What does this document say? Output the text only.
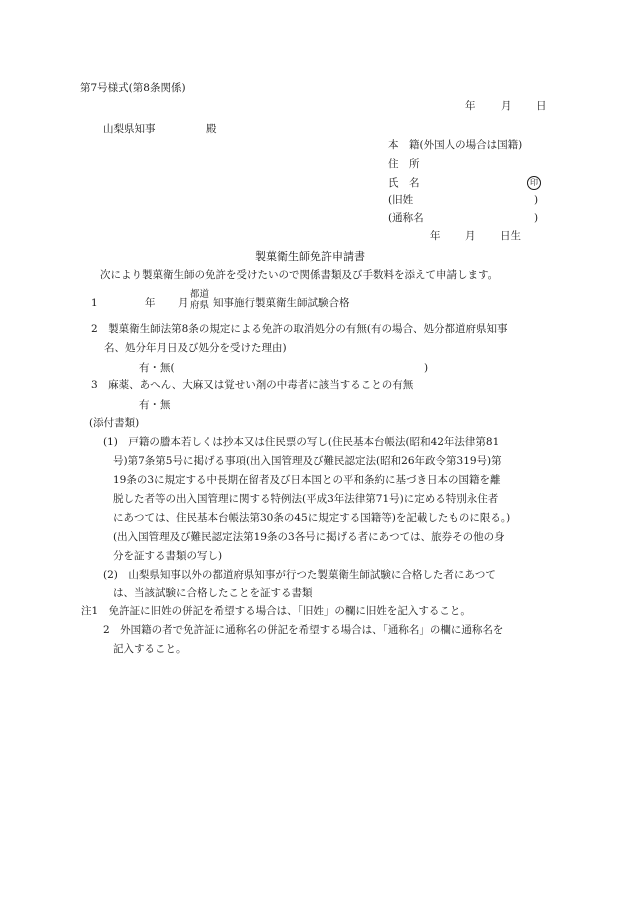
第7号様式(第8条関係)
年 月 日
山梨県知事	殿
本　籍(外国人の場合は国籍)
住　所
氏　名	印
(旧姓	)
(通称名	)
年 月 日生
製菓衛生師免許申請書
次により製菓衛生師の免許を受けたいので関係書類及び手数料を添えて申請します。
1	年 月
都道
府県 知事施行製菓衛生師試験合格
2　製菓衛生師法第8条の規定による免許の取消処分の有無(有の場合、処分都道府県知事
名、処分年月日及び処分を受けた理由)
有・無(	)
3　麻薬、あへん、大麻又は覚せい剤の中毒者に該当することの有無
有・無
(添付書類)
(1)　戸籍の謄本若しくは抄本又は住民票の写し(住民基本台帳法(昭和42年法律第81
号)第7条第5号に掲げる事項(出入国管理及び難民認定法(昭和26年政令第319号)第
19条の3に規定する中長期在留者及び日本国との平和条約に基づき日本の国籍を離
脱した者等の出入国管理に関する特例法(平成3年法律第71号)に定める特別永住者
にあつては、住民基本台帳法第30条の45に規定する国籍等)を記載したものに限る。)
(出入国管理及び難民認定法第19条の3各号に掲げる者にあつては、旅券その他の身
分を証する書類の写し)
(2)　山梨県知事以外の都道府県知事が行つた製菓衛生師試験に合格した者にあつて
は、当該試験に合格したことを証する書類
注1　免許証に旧姓の併記を希望する場合は、「旧姓」の欄に旧姓を記入すること。
2　外国籍の者で免許証に通称名の併記を希望する場合は、「通称名」の欄に通称名を
記入すること。
